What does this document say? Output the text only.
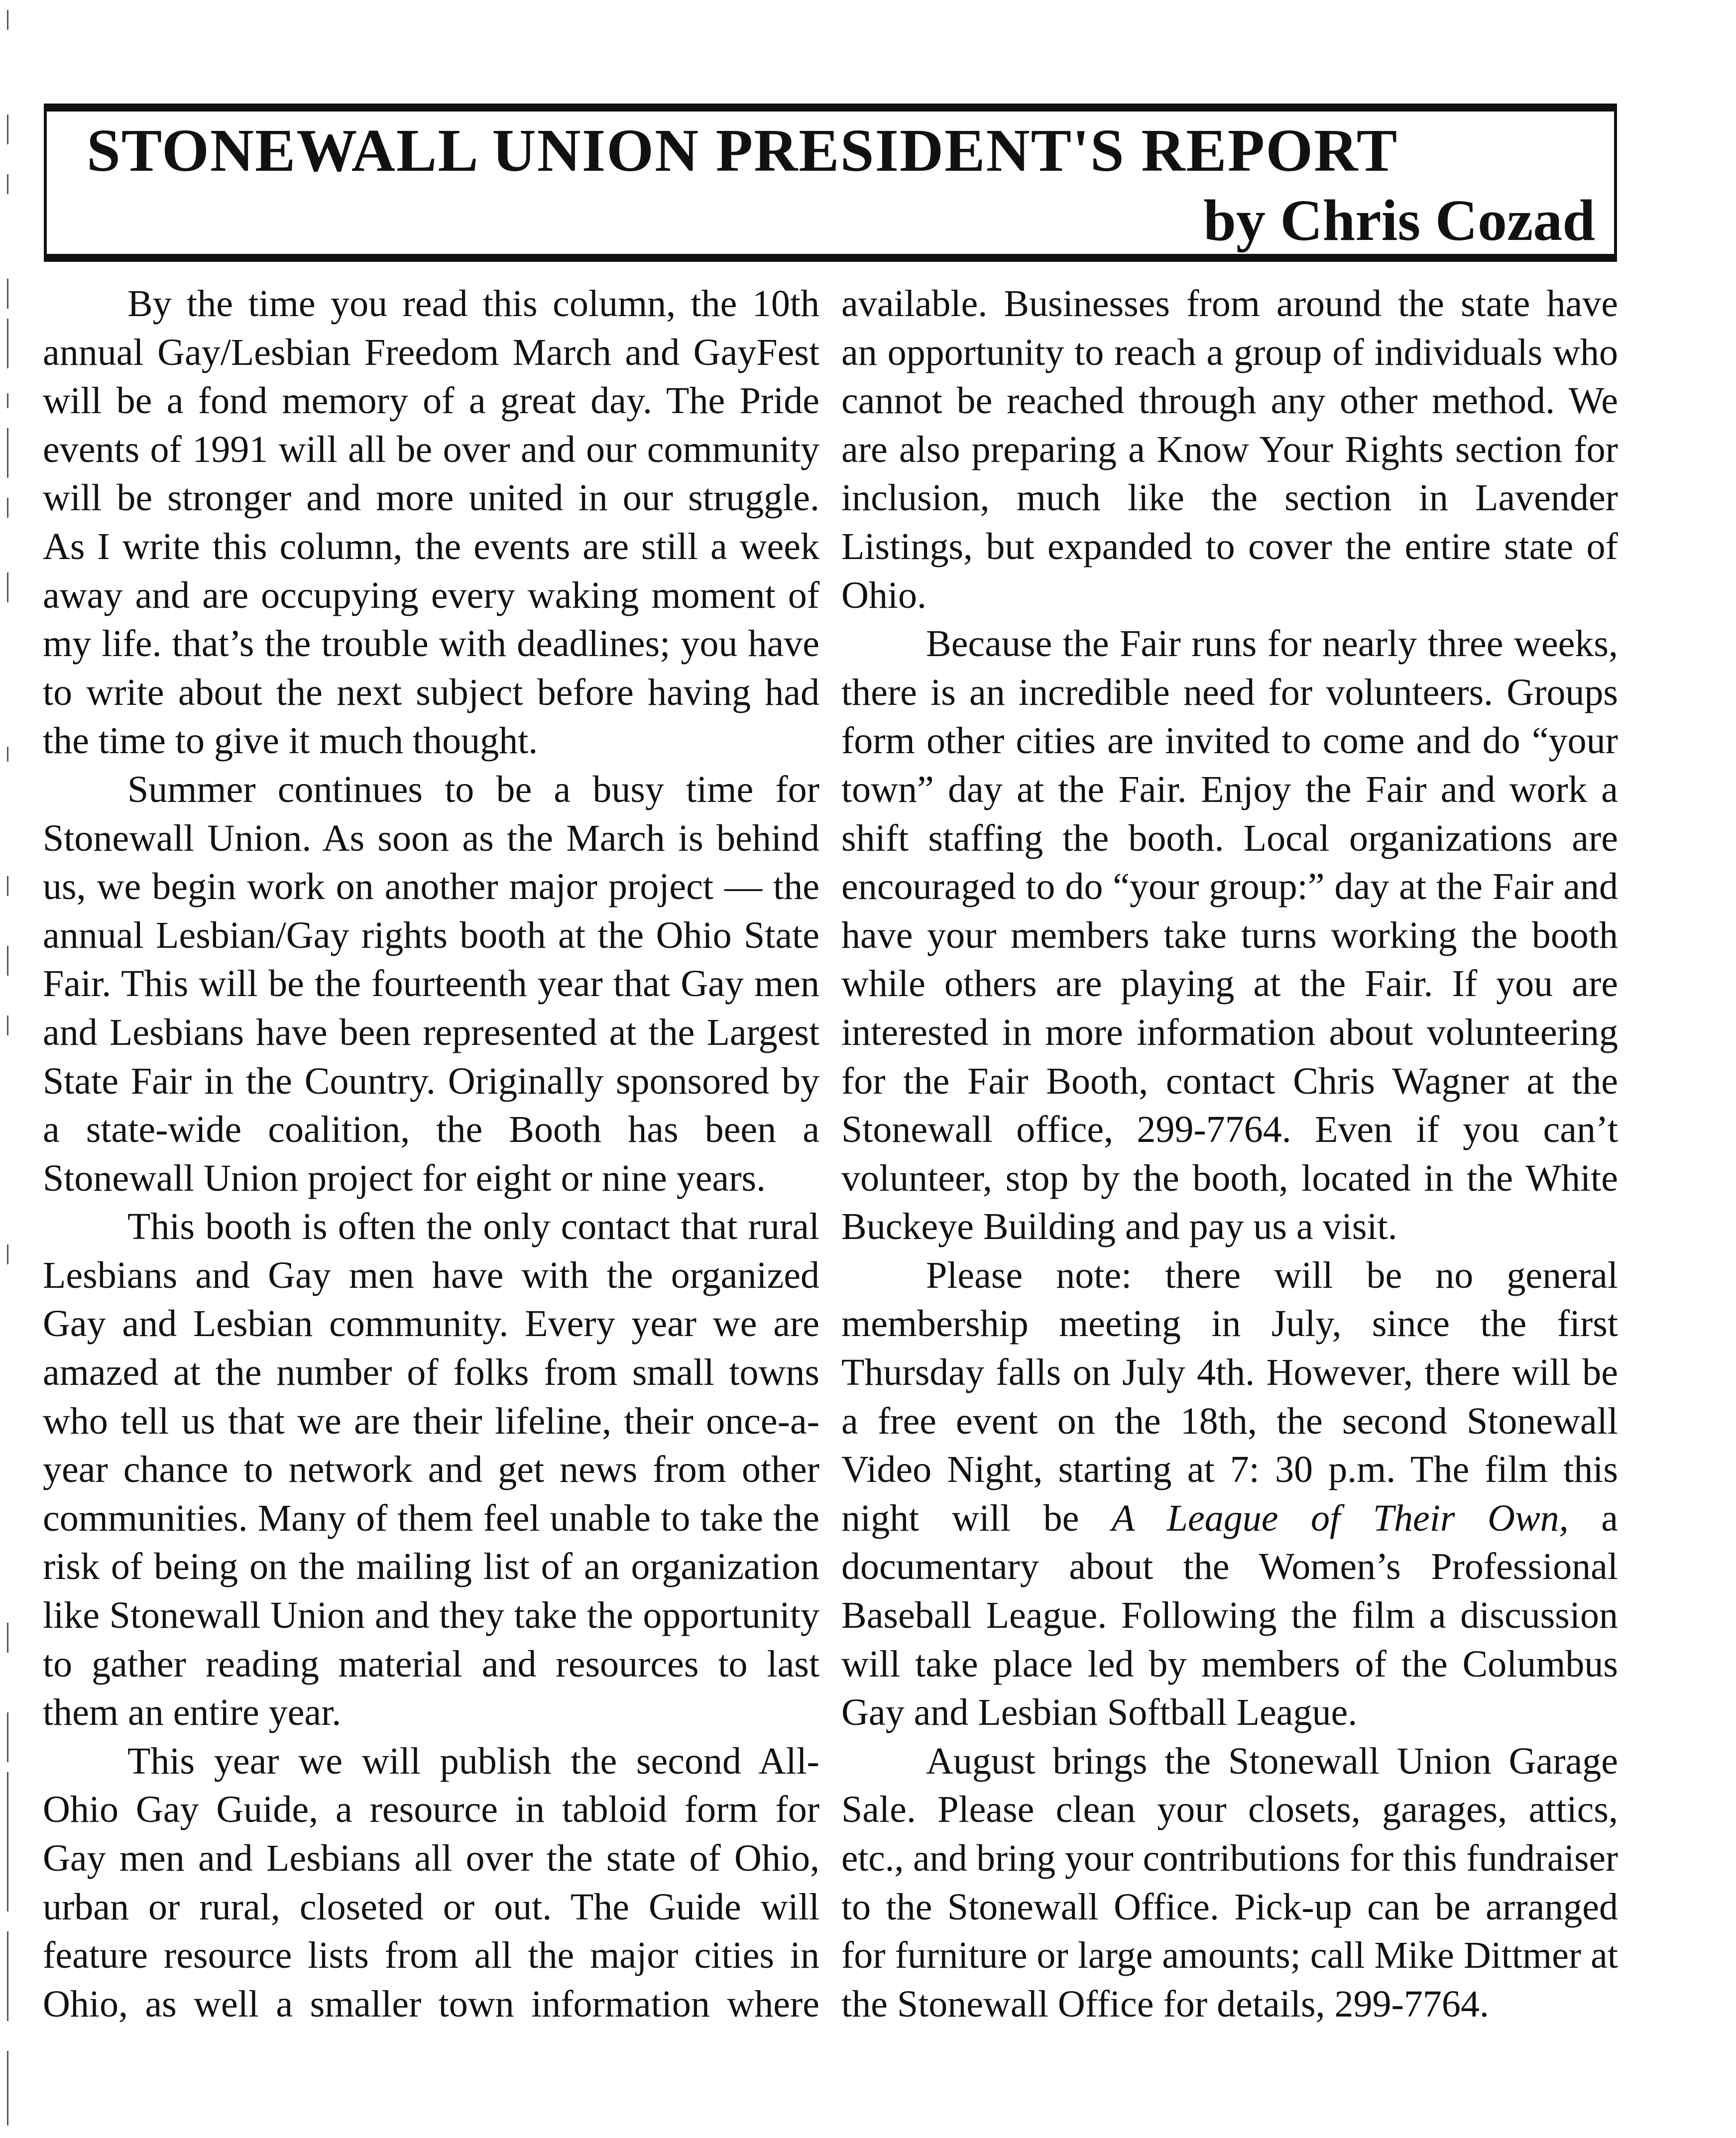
STONEWALL UNION PRESIDENT'S REPORT
by Chris Cozad
By the time you read this column, the 10th
annual Gay/Lesbian Freedom March and GayFest
will be a fond memory of a great day. The Pride
events of 1991 will all be over and our community
will be stronger and more united in our struggle.
As I write this column, the events are still a week
away and are occupying every waking moment of
my life. that’s the trouble with deadlines; you have
to write about the next subject before having had
the time to give it much thought.
Summer continues to be a busy time for
Stonewall Union. As soon as the March is behind
us, we begin work on another major project — the
annual Lesbian/Gay rights booth at the Ohio State
Fair. This will be the fourteenth year that Gay men
and Lesbians have been represented at the Largest
State Fair in the Country. Originally sponsored by
a state-wide coalition, the Booth has been a
Stonewall Union project for eight or nine years.
This booth is often the only contact that rural
Lesbians and Gay men have with the organized
Gay and Lesbian community. Every year we are
amazed at the number of folks from small towns
who tell us that we are their lifeline, their once-a-
year chance to network and get news from other
communities. Many of them feel unable to take the
risk of being on the mailing list of an organization
like Stonewall Union and they take the opportunity
to gather reading material and resources to last
them an entire year.
This year we will publish the second All-
Ohio Gay Guide, a resource in tabloid form for
Gay men and Lesbians all over the state of Ohio,
urban or rural, closeted or out. The Guide will
feature resource lists from all the major cities in
Ohio, as well a smaller town information where
available. Businesses from around the state have
an opportunity to reach a group of individuals who
cannot be reached through any other method. We
are also preparing a Know Your Rights section for
inclusion, much like the section in Lavender
Listings, but expanded to cover the entire state of
Ohio.
Because the Fair runs for nearly three weeks,
there is an incredible need for volunteers. Groups
form other cities are invited to come and do “your
town” day at the Fair. Enjoy the Fair and work a
shift staffing the booth. Local organizations are
encouraged to do “your group:” day at the Fair and
have your members take turns working the booth
while others are playing at the Fair. If you are
interested in more information about volunteering
for the Fair Booth, contact Chris Wagner at the
Stonewall office, 299-7764. Even if you can’t
volunteer, stop by the booth, located in the White
Buckeye Building and pay us a visit.
Please note: there will be no general
membership meeting in July, since the first
Thursday falls on July 4th. However, there will be
a free event on the 18th, the second Stonewall
Video Night, starting at 7: 30 p.m. The film this
night will be A League of Their Own, a
documentary about the Women’s Professional
Baseball League. Following the film a discussion
will take place led by members of the Columbus
Gay and Lesbian Softball League.
August brings the Stonewall Union Garage
Sale. Please clean your closets, garages, attics,
etc., and bring your contributions for this fundraiser
to the Stonewall Office. Pick-up can be arranged
for furniture or large amounts; call Mike Dittmer at
the Stonewall Office for details, 299-7764.
